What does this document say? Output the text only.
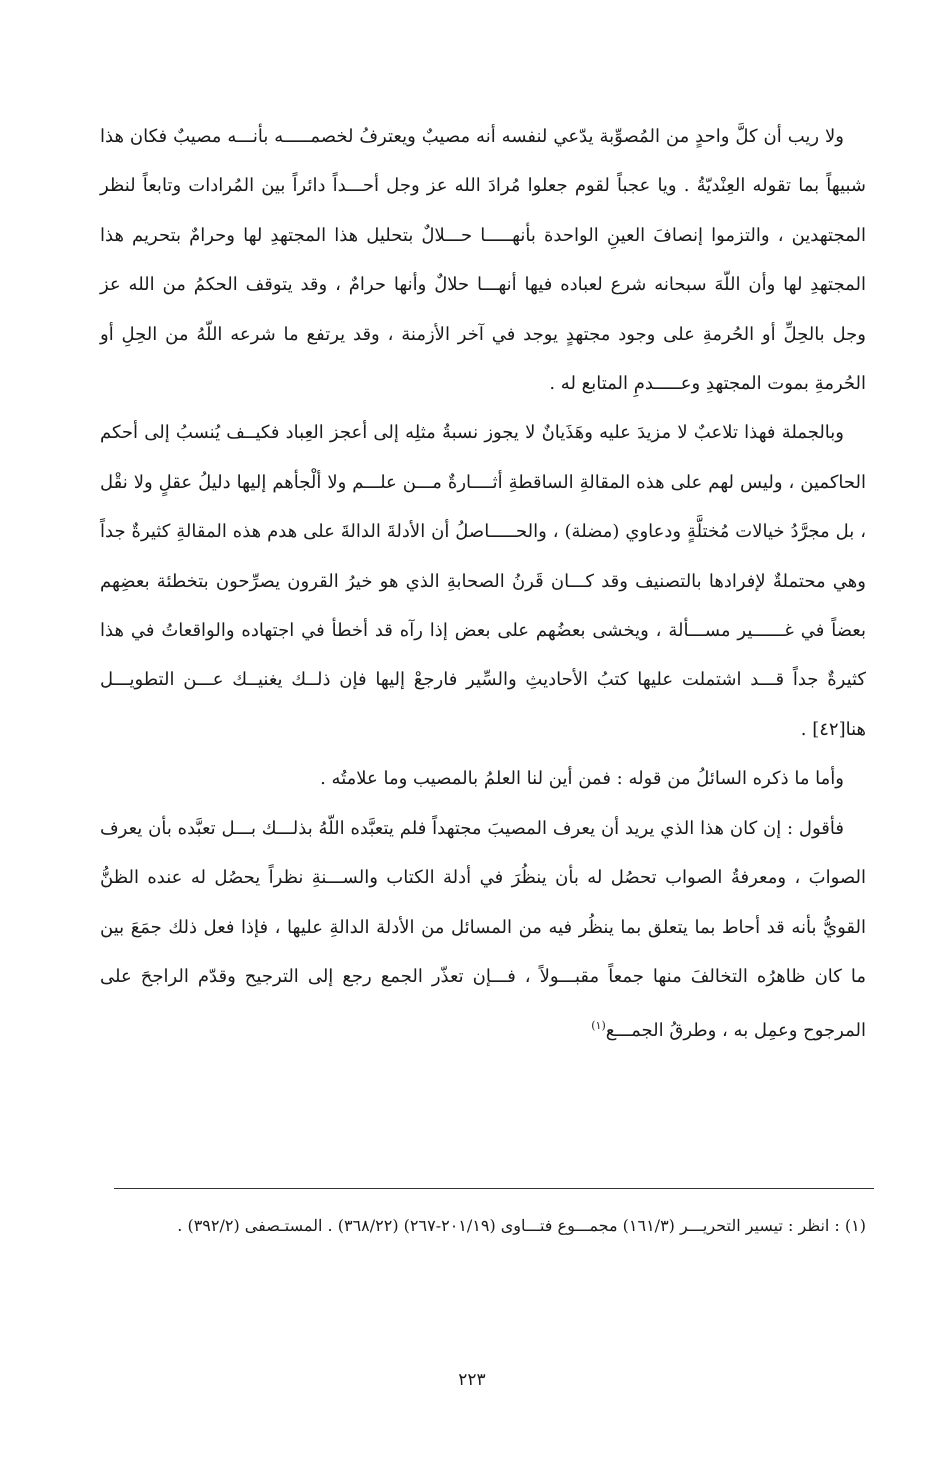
ولا ريب أن كلَّ واحدٍ من المُصوِّبة يدّعي لنفسه أنه مصيبٌ ويعترفُ لخصمـــــه بأنـــه مصيبٌ فكان هذا شبيهاً بما تقوله العِنْديّةُ . ويا عجباً لقوم جعلوا مُرادَ الله عز وجل أحـــداً دائراً بين المُرادات وتابعاً لنظر المجتهدين ، والتزموا إنصافَ العينِ الواحدة بأنهـــــا حـــلالٌ بتحليل هذا المجتهدِ لها وحرامٌ بتحريم هذا المجتهدِ لها وأن اللّهَ سبحانه شرع لعباده فيها أنهـــا حلالٌ وأنها حرامٌ ، وقد يتوقف الحكمُ من الله عز وجل بالحِلِّ أو الحُرمةِ على وجود مجتهدٍ يوجد في آخر الأزمنة ، وقد يرتفع ما شرعه اللّهُ من الحِلِ أو الحُرمةِ بموت المجتهدِ وعـــــدمِ المتابع له .

وبالجملة فهذا تلاعبٌ لا مزيدَ عليه وهَذَيانٌ لا يجوز نسبةُ مثلِه إلى أعجز العِباد فكيــف يُنسبُ إلى أحكم الحاكمين ، وليس لهم على هذه المقالةِ الساقطةِ أثــــارةٌ مـــن علـــم ولا ألْجأهم إليها دليلُ عقلٍ ولا نقْل ، بل مجرَّدُ خيالات مُختلَّةٍ ودعاوي (مضلة) ، والحـــــاصلُ أن الأدلةَ الدالةَ على هدم هذه المقالةِ كثيرةٌ جداً وهي محتملةٌ لإفرادها بالتصنيف وقد كـــان قَرنُ الصحابةِ الذي هو خيرُ القرون يصرِّحون بتخطئة بعضِهم بعضاً في غــــــير مســـألة ، ويخشى بعضُهم على بعض إذا رآه قد أخطأ في اجتهاده والواقعاتُ في هذا كثيرةٌ جداً قـــد اشتملت عليها كتبُ الأحاديثِ والسِّير فارجعْ إليها فإن ذلــك يغنيــك عـــن التطويـــل هنا[٤٢] .

وأما ما ذكره السائلُ من قوله : فمن أين لنا العلمُ بالمصيب وما علامتُه .

فأقول : إن كان هذا الذي يريد أن يعرف المصيبَ مجتهداً فلم يتعبَّده اللّهُ بذلـــك بـــل تعبَّده بأن يعرف الصوابَ ، ومعرفةُ الصواب تحصُل له بأن ينظُرَ في أدلة الكتاب والســـنةِ نظراً يحصُل له عنده الظنُّ القويُّ بأنه قد أحاط بما يتعلق بما ينظُر فيه من المسائل من الأدلة الدالةِ عليها ، فإذا فعل ذلك جمَعَ بين ما كان ظاهرُه التخالفَ منها جمعاً مقبـــولاً ، فـــإن تعذّر الجمع رجع إلى الترجيح وقدّم الراجحَ على المرجوح وعمِل به ، وطرقُ الجمـــع$^{(١)}$

(١) : انظر : تيسير التحريـــر (١٦١/٣) مجمـــوع فتـــاوى (٢٠١/١٩-٢٦٧) (٣٦٨/٢٢) . المستـصفى (٣٩٢/٢) .

٢٢٣
